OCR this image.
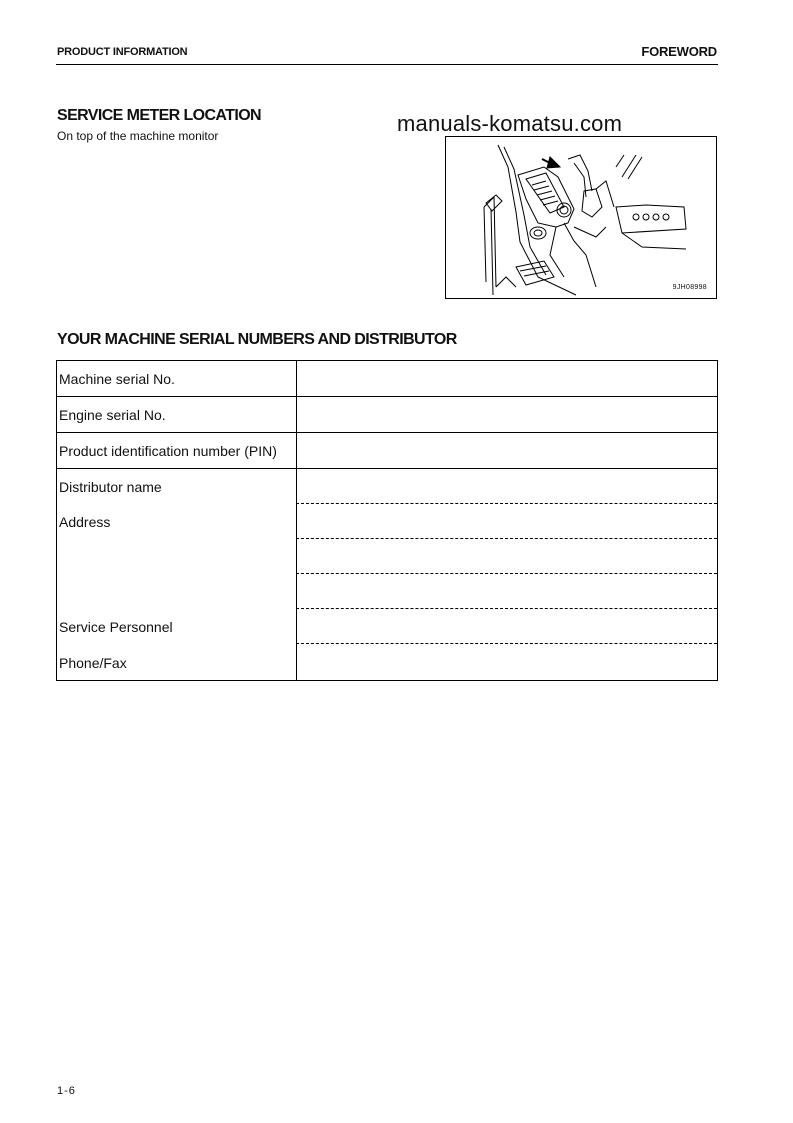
PRODUCT INFORMATION	FOREWORD
SERVICE METER LOCATION
On top of the machine monitor	manuals-komatsu.com
9JH08998
YOUR MACHINE SERIAL NUMBERS AND DISTRIBUTOR
Machine serial No.
Engine serial No.
Product identification number (PIN)
Distributor name
Address
Service Personnel
Phone/Fax
1-6
